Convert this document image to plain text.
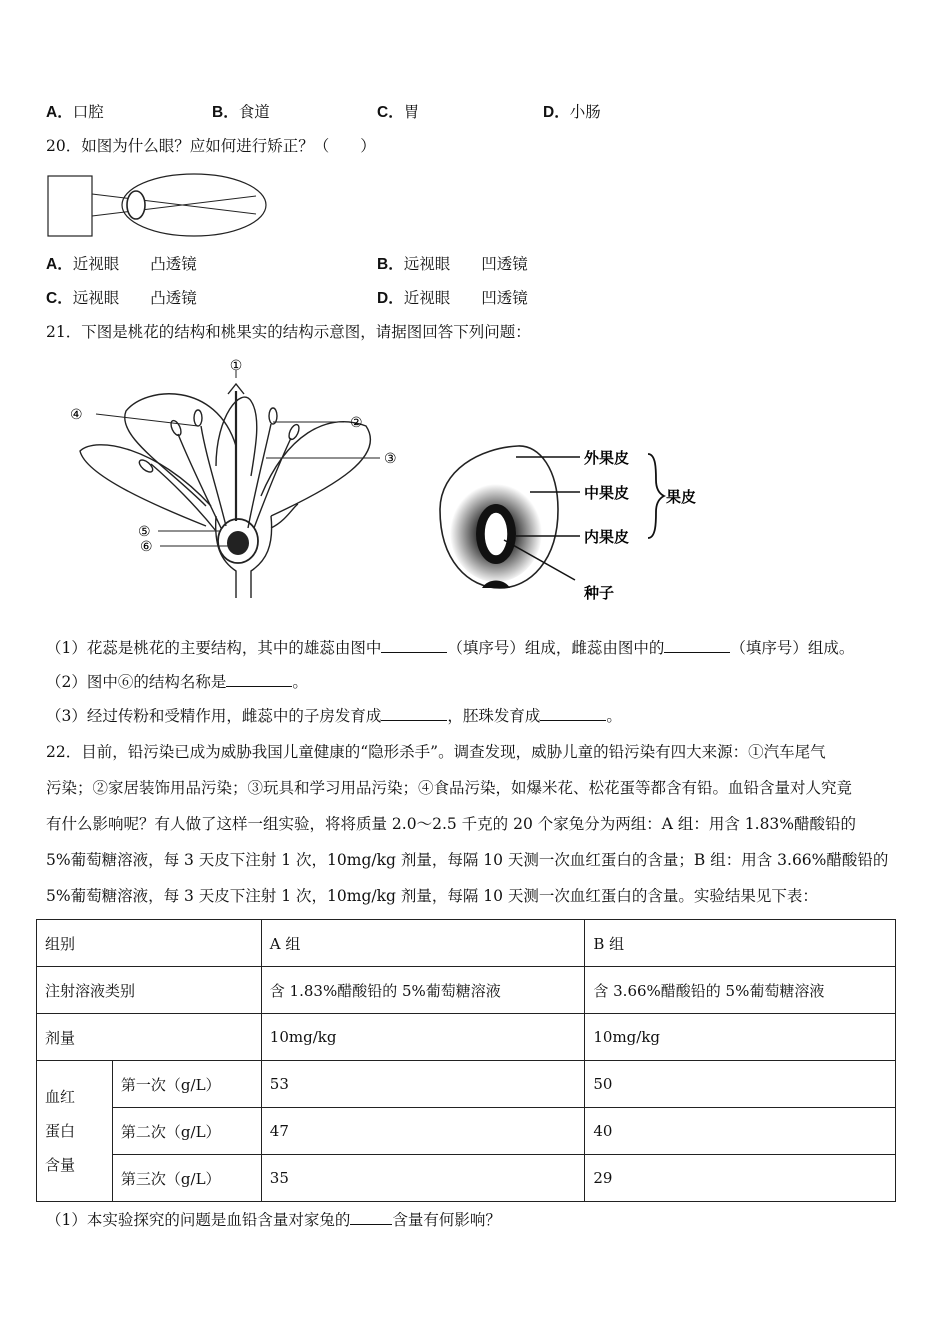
A．口腔	B．食道	C．胃	D．小肠
20．如图为什么眼？应如何进行矫正？（　　）
A．近视眼　　凸透镜	B．远视眼　　凹透镜
C．远视眼　　凸透镜	D．近视眼　　凹透镜
21．下图是桃花的结构和桃果实的结构示意图，请据图回答下列问题：
①
②
③
④
⑤
⑥
外果皮
中果皮
内果皮
果皮
种子
（1）花蕊是桃花的主要结构，其中的雄蕊由图中	（填序号）组成，雌蕊由图中的	（填序号）组成。
（2）图中⑥的结构名称是	。
（3）经过传粉和受精作用，雌蕊中的子房发育成	，胚珠发育成	。
22．目前，铅污染已成为威胁我国儿童健康的“隐形杀手”。调查发现，威胁儿童的铅污染有四大来源：①汽车尾气
污染；②家居装饰用品污染；③玩具和学习用品污染；④食品污染，如爆米花、松花蛋等都含有铅。血铅含量对人究竟
有什么影响呢？有人做了这样一组实验，将将质量 2.0～2.5 千克的 20 个家兔分为两组：A 组：用含 1.83%醋酸铅的
5%葡萄糖溶液，每 3 天皮下注射 1 次，10mg/kg 剂量，每隔 10 天测一次血红蛋白的含量；B 组：用含 3.66%醋酸铅的
5%葡萄糖溶液，每 3 天皮下注射 1 次，10mg/kg 剂量，每隔 10 天测一次血红蛋白的含量。实验结果见下表：
组别		A 组	B 组
注射溶液类别		含 1.83%醋酸铅的 5%葡萄糖溶液	含 3.66%醋酸铅的 5%葡萄糖溶液
剂量		10mg/kg	10mg/kg

血红
蛋白
含量	第一次（g/L）	53	50
	第二次（g/L）	47	40
	第三次（g/L）	35	29
（1）本实验探究的问题是血铅含量对家兔的	含量有何影响？
